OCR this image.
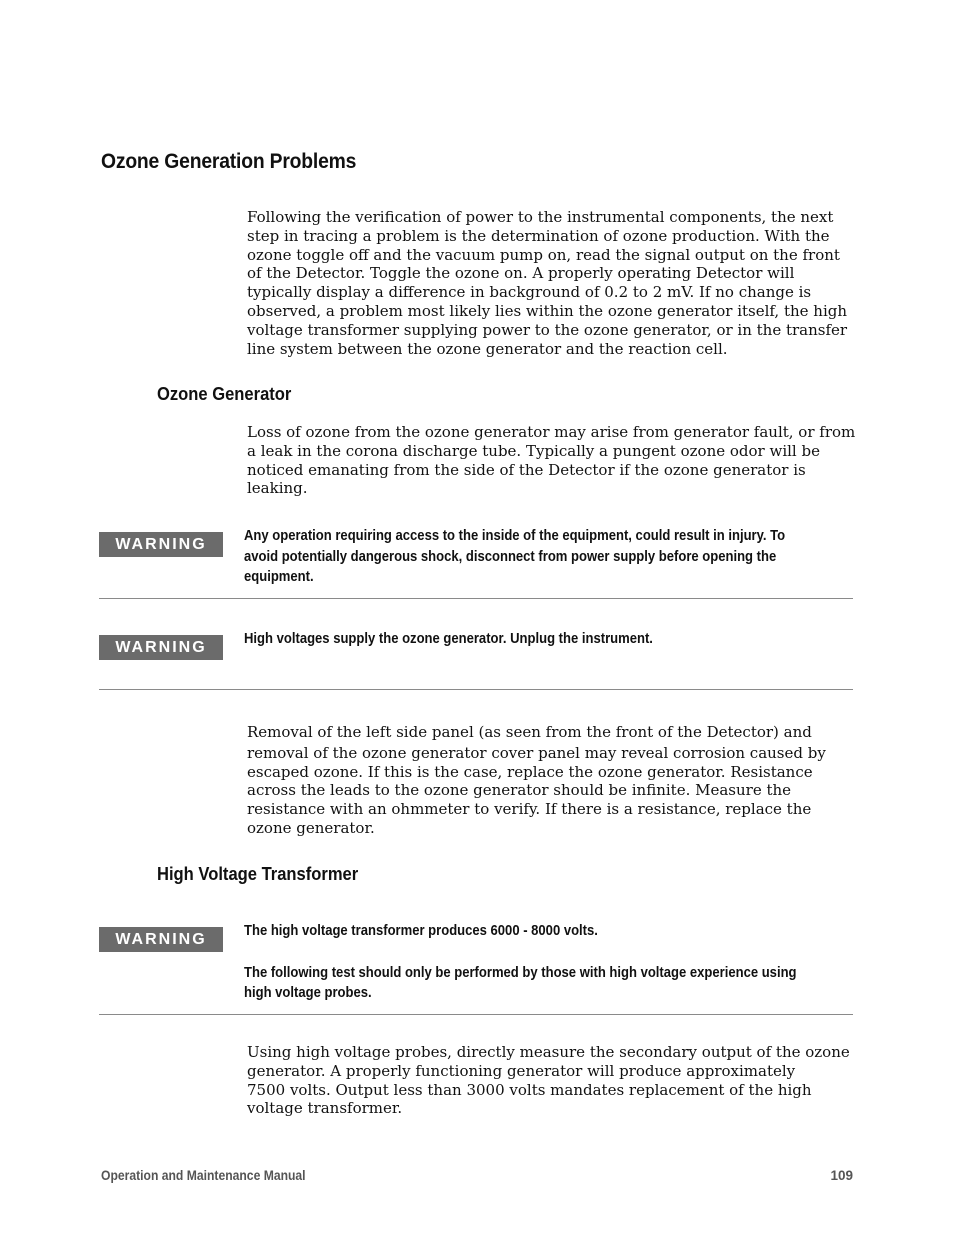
Ozone Generation Problems

Following the verification of power to the instrumental components, the next
step in tracing a problem is the determination of ozone production. With the
ozone toggle off and the vacuum pump on, read the signal output on the front
of the Detector. Toggle the ozone on. A properly operating Detector will
typically display a difference in background of 0.2 to 2 mV. If no change is
observed, a problem most likely lies within the ozone generator itself, the high
voltage transformer supplying power to the ozone generator, or in the transfer
line system between the ozone generator and the reaction cell.

Ozone Generator

Loss of ozone from the ozone generator may arise from generator fault, or from
a leak in the corona discharge tube. Typically a pungent ozone odor will be
noticed emanating from the side of the Detector if the ozone generator is
leaking.

WARNING	Any operation requiring access to the inside of the equipment, could result in injury. To
avoid potentially dangerous shock, disconnect from power supply before opening the
equipment.

WARNING	High voltages supply the ozone generator. Unplug the instrument.

Removal of the left side panel (as seen from the front of the Detector) and
removal of the ozone generator cover panel may reveal corrosion caused by
escaped ozone. If this is the case, replace the ozone generator. Resistance
across the leads to the ozone generator should be infinite. Measure the
resistance with an ohmmeter to verify. If there is a resistance, replace the
ozone generator.

High Voltage Transformer
WARNING	The high voltage transformer produces 6000 - 8000 volts.
The following test should only be performed by those with high voltage experience using
high voltage probes.

Using high voltage probes, directly measure the secondary output of the ozone
generator. A properly functioning generator will produce approximately
7500 volts. Output less than 3000 volts mandates replacement of the high
voltage transformer.

Operation and Maintenance Manual	109
